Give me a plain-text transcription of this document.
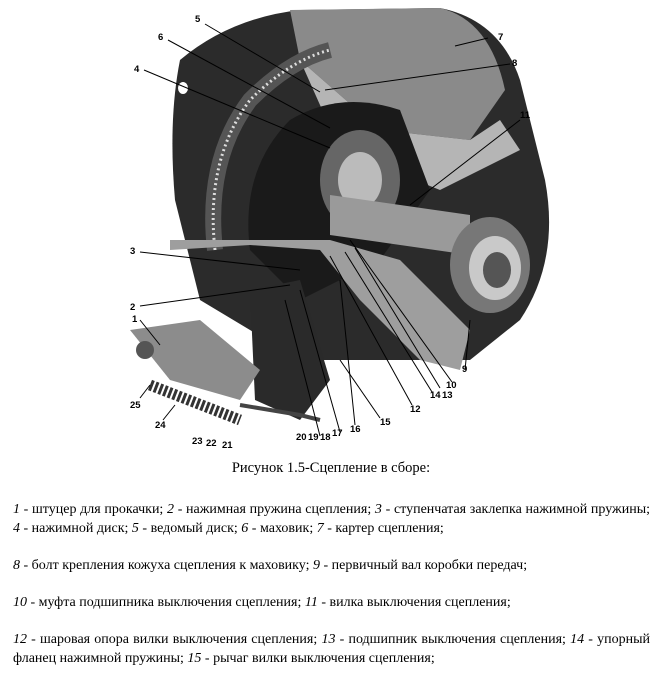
5
6
4
7
8
11
3
2
1
25
24
23 22 21
20 19 18 17 16
15
12
14 13
10
9
Рисунок 1.5-Сцепление в сборе:

1 - штуцер для прокачки; 2 - нажимная пружина сцепления; 3 - ступенчатая заклепка нажимной пружины; 4 - нажимной диск; 5 - ведомый диск; 6 - маховик; 7 - картер сцепления;

8 - болт крепления кожуха сцепления к маховику; 9 - первичный вал коробки передач;

10 - муфта подшипника выключения сцепления; 11 - вилка выключения сцепления;

12 - шаровая опора вилки выключения сцепления; 13 - подшипник выключения сцепления; 14 - упорный фланец нажимной пружины; 15 - рычаг вилки выключения сцепления;
